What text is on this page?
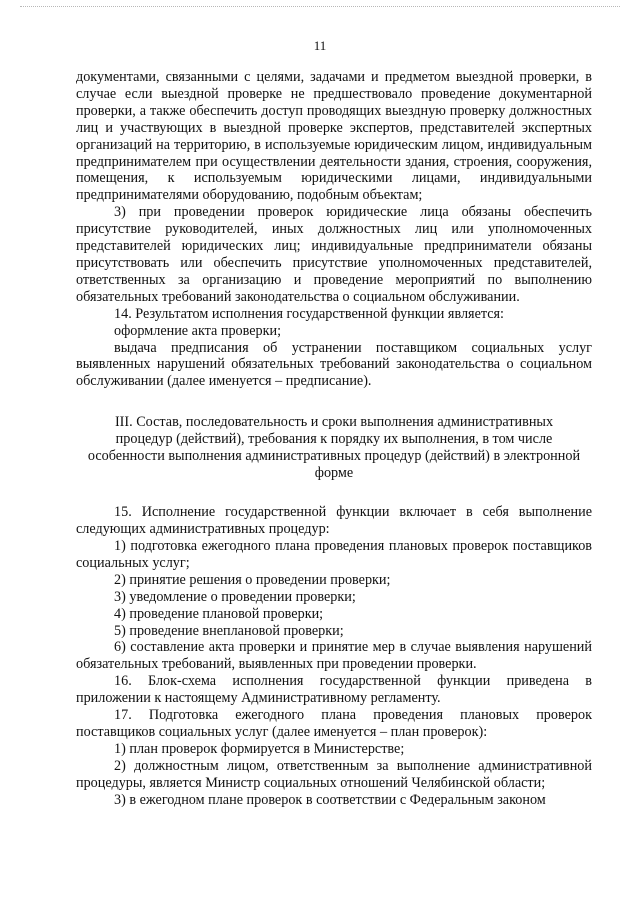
11

документами, связанными с целями, задачами и предметом выездной проверки, в случае если выездной проверке не предшествовало проведение документарной проверки, а также обеспечить доступ проводящих выездную проверку должностных лиц и участвующих в выездной проверке экспертов, представителей экспертных организаций на территорию, в используемые юридическим лицом, индивидуальным предпринимателем при осуществлении деятельности здания, строения, сооружения, помещения, к используемым юридическими лицами, индивидуальными предпринимателями оборудованию, подобным объектам;

3) при проведении проверок юридические лица обязаны обеспечить присутствие руководителей, иных должностных лиц или уполномоченных представителей юридических лиц; индивидуальные предприниматели обязаны присутствовать или обеспечить присутствие уполномоченных представителей, ответственных за организацию и проведение мероприятий по выполнению обязательных требований законодательства о социальном обслуживании.

14. Результатом исполнения государственной функции является:

оформление акта проверки;

выдача предписания об устранении поставщиком социальных услуг выявленных нарушений обязательных требований законодательства о социальном обслуживании (далее именуется – предписание).

III. Состав, последовательность и сроки выполнения административных процедур (действий), требования к порядку их выполнения, в том числе особенности выполнения административных процедур (действий) в электронной форме

15. Исполнение государственной функции включает в себя выполнение следующих административных процедур:

1) подготовка ежегодного плана проведения плановых проверок поставщиков социальных услуг;

2) принятие решения о проведении проверки;

3) уведомление о проведении проверки;

4) проведение плановой проверки;

5) проведение внеплановой проверки;

6) составление акта проверки и принятие мер в случае выявления нарушений обязательных требований, выявленных при проведении проверки.

16. Блок-схема исполнения государственной функции приведена в приложении к настоящему Административному регламенту.

17. Подготовка ежегодного плана проведения плановых проверок поставщиков социальных услуг (далее именуется – план проверок):

1) план проверок формируется в Министерстве;

2) должностным лицом, ответственным за выполнение административной процедуры, является Министр социальных отношений Челябинской области;

3) в ежегодном плане проверок в соответствии с Федеральным законом
